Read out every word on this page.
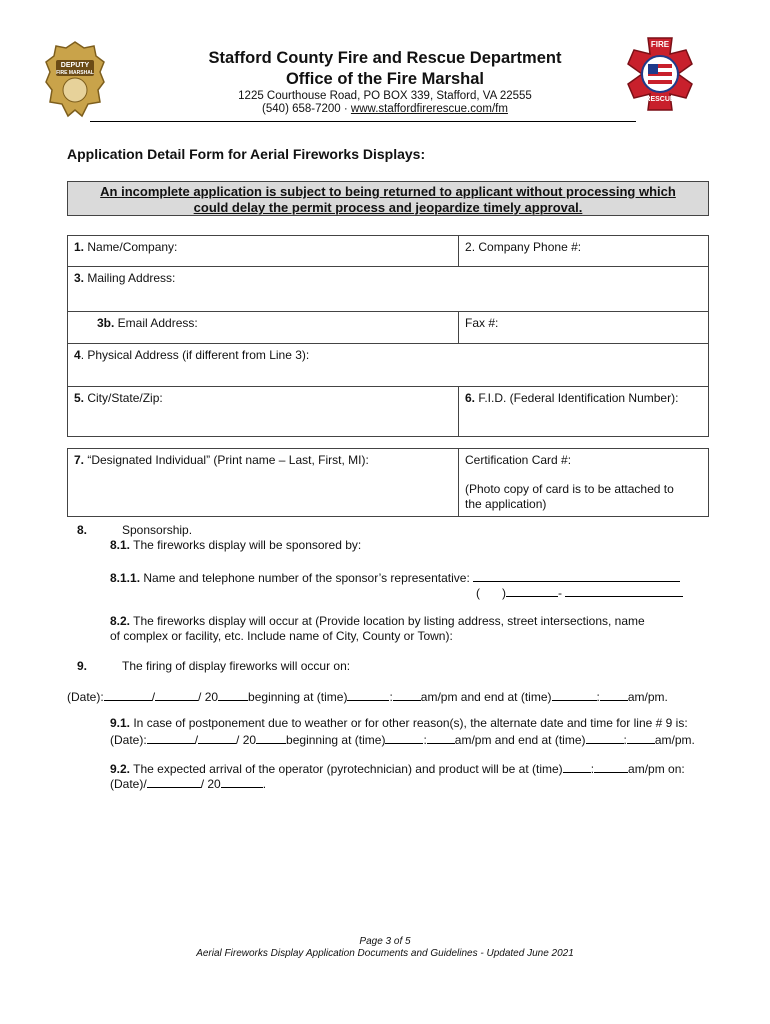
DEPUTY
FIRE MARSHAL
FIRE
RESCUE
Stafford County Fire and Rescue Department
Office of the Fire Marshal
1225 Courthouse Road, PO BOX 339, Stafford, VA 22555
(540) 658-7200 · www.staffordfirerescue.com/fm
Application Detail Form for Aerial Fireworks Displays:
An incomplete application is subject to being returned to applicant without processing which
could delay the permit process and jeopardize timely approval.
1. Name/Company:	2. Company Phone #:
3. Mailing Address:	
3b. Email Address:	Fax #:
4. Physical Address (if different from Line 3):	
5. City/State/Zip:	6. F.I.D. (Federal Identification Number):
7. “Designated Individual” (Print name – Last, First, MI):	Certification Card #:
(Photo copy of card is to be attached to
the application)
8.	Sponsorship.
8.1. The fireworks display will be sponsored by:
8.1.1. Name and telephone number of the sponsor’s representative:
( )	-
8.2. The fireworks display will occur at (Provide location by listing address, street intersections, name
of complex or facility, etc. Include name of City, County or Town):
9.	The firing of display fireworks will occur on:
(Date):	/	/ 20	beginning at (time)	: am/pm and end at (time)	: am/pm.
9.1. In case of postponement due to weather or for other reason(s), the alternate date and time for line # 9 is:
(Date):	/	/ 20	beginning at (time)	: am/pm and end at (time)	: am/pm.
9.2. The expected arrival of the operator (pyrotechnician) and product will be at (time) :	am/pm on:
(Date)/	/ 20	.
Page 3 of 5
Aerial Fireworks Display Application Documents and Guidelines - Updated June 2021
